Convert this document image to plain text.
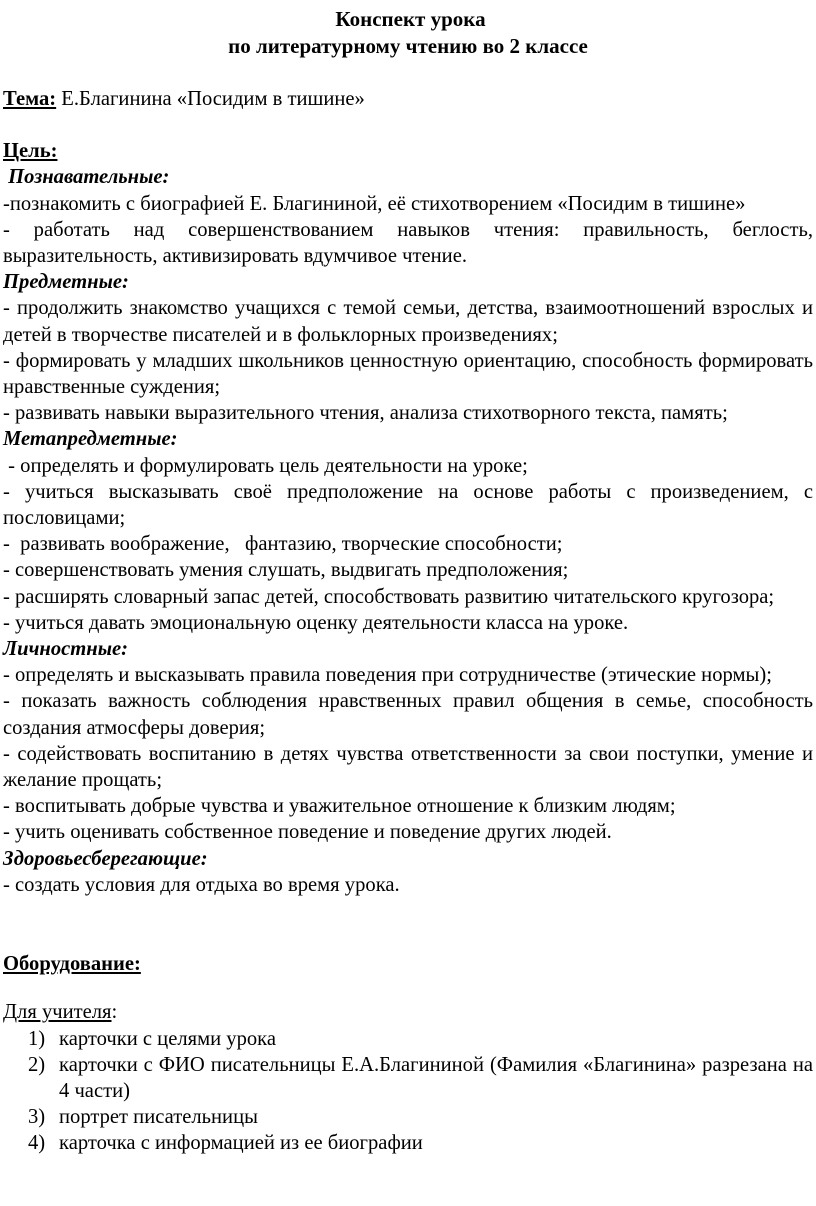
Конспект урока
по литературному чтению во 2 классе

Тема: Е.Благинина «Посидим в тишине»

Цель:

Познавательные:

-познакомить с биографией Е. Благининой, её стихотворением «Посидим в тишине»

- работать над совершенствованием навыков чтения: правильность, беглость, выразительность, активизировать вдумчивое чтение.

Предметные:

- продолжить знакомство учащихся с темой семьи, детства, взаимоотношений взрослых и детей в творчестве писателей и в фольклорных произведениях;

- формировать у младших школьников ценностную ориентацию, способность формировать нравственные суждения;

- развивать навыки выразительного чтения, анализа стихотворного текста, память;

Метапредметные:

- определять и формулировать цель деятельности на уроке;

- учиться высказывать своё предположение на основе работы с произведением, с пословицами;

-  развивать воображение,   фантазию, творческие способности;

- совершенствовать умения слушать, выдвигать предположения;

- расширять словарный запас детей, способствовать развитию читательского кругозора;

- учиться давать эмоциональную оценку деятельности класса на уроке.

Личностные:

- определять и высказывать правила поведения при сотрудничестве (этические нормы);

- показать важность соблюдения нравственных правил общения в семье, способность создания атмосферы доверия;

- содействовать воспитанию в детях чувства ответственности за свои поступки, умение и желание прощать;

- воспитывать добрые чувства и уважительное отношение к близким людям;

- учить оценивать собственное поведение и поведение других людей.

Здоровьесберегающие:

- создать условия для отдыха во время урока.

Оборудование:

Для учителя:

1) карточки с целями урока
2) карточки с ФИО писательницы Е.А.Благининой (Фамилия «Благинина» разрезана на 4 части)
3) портрет писательницы
4) карточка с информацией из ее биографии
